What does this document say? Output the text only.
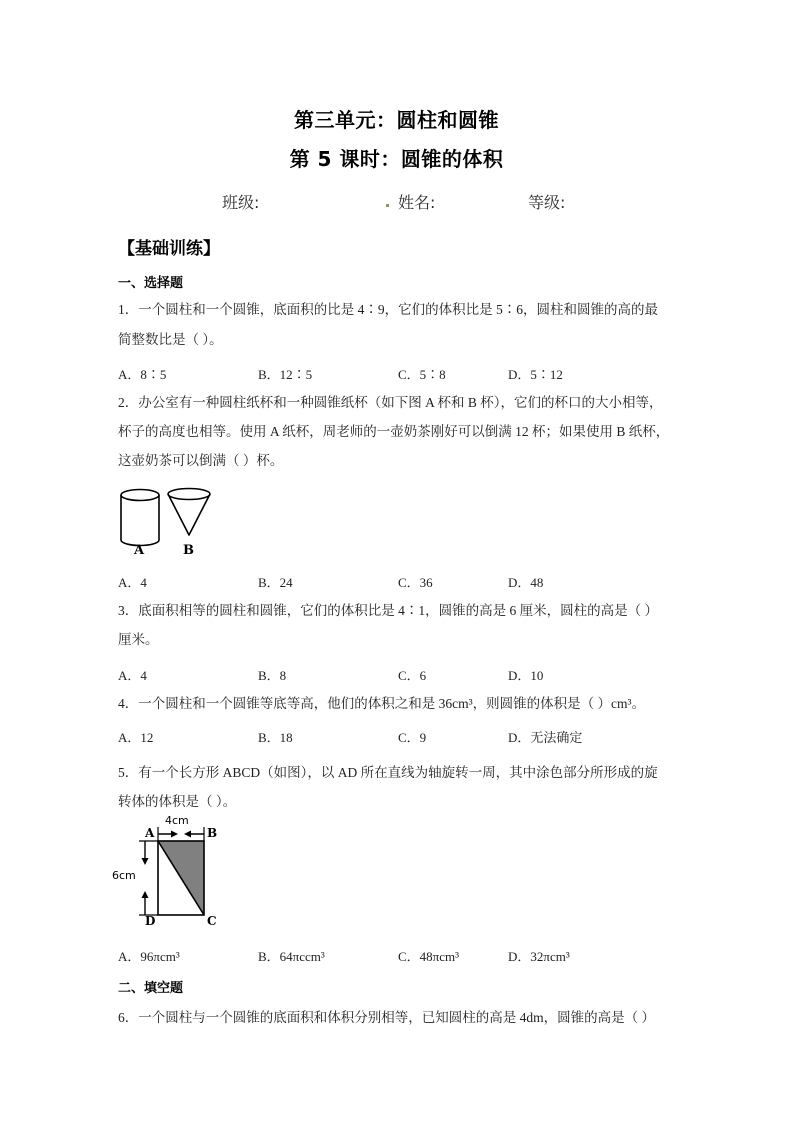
第三单元：圆柱和圆锥
第 5 课时：圆锥的体积
班级:	姓名:	等级:
【基础训练】
一、选择题
1．一个圆柱和一个圆锥，底面积的比是 4∶9，它们的体积比是 5∶6，圆柱和圆锥的高的最
简整数比是（ ）。
A．8∶5	B．12∶5	C．5∶8	D．5∶12
2．办公室有一种圆柱纸杯和一种圆锥纸杯（如下图 A 杯和 B 杯），它们的杯口的大小相等，
杯子的高度也相等。使用 A 纸杯，周老师的一壶奶茶刚好可以倒满 12 杯；如果使用 B 纸杯，
这壶奶茶可以倒满（ ）杯。
A	B
A．4	B．24	C．36	D．48
3．底面积相等的圆柱和圆锥，它们的体积比是 4∶1，圆锥的高是 6 厘米，圆柱的高是（ ）
厘米。
A．4	B．8	C．6	D．10
4．一个圆柱和一个圆锥等底等高，他们的体积之和是 36cm³，则圆锥的体积是（ ）cm³。
A．12	B．18	C．9	D．无法确定
5．有一个长方形 ABCD（如图），以 AD 所在直线为轴旋转一周，其中涂色部分所形成的旋
转体的体积是（ ）。
A	B
C
D
4cm
6cm
A．96πcm³	B．64πccm³	C．48πcm³	D．32πcm³
二、填空题
6．一个圆柱与一个圆锥的底面积和体积分别相等，已知圆柱的高是 4dm，圆锥的高是（ ）
